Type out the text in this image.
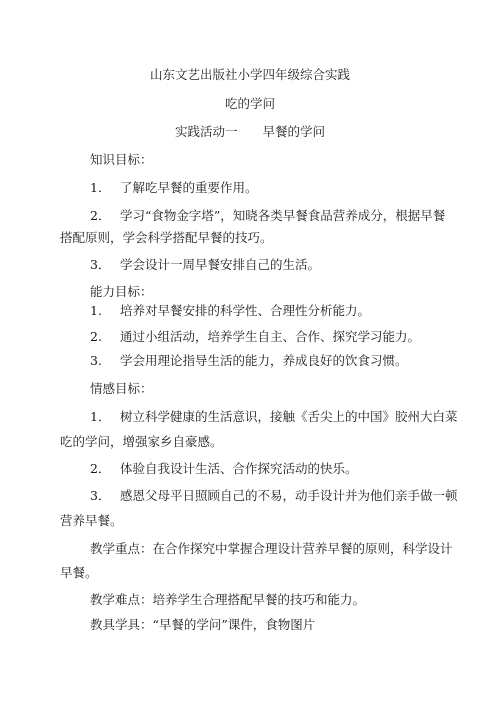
山东文艺出版社小学四年级综合实践
吃的学问
实践活动一　　早餐的学问
知识目标：
1． 了解吃早餐的重要作用。
2． 学习“食物金字塔”，知晓各类早餐食品营养成分，根据早餐
搭配原则，学会科学搭配早餐的技巧。
3． 学会设计一周早餐安排自己的生活。
能力目标：
1. 培养对早餐安排的科学性、合理性分析能力。
2. 通过小组活动，培养学生自主、合作、探究学习能力。
3. 学会用理论指导生活的能力，养成良好的饮食习惯。
情感目标：
1． 树立科学健康的生活意识，接触《舌尖上的中国》胶州大白菜
吃的学问，增强家乡自豪感。
2． 体验自我设计生活、合作探究活动的快乐。
3． 感恩父母平日照顾自己的不易，动手设计并为他们亲手做一顿
营养早餐。
教学重点：在合作探究中掌握合理设计营养早餐的原则，科学设计
早餐。
教学难点：培养学生合理搭配早餐的技巧和能力。
教具学具：“早餐的学问”课件，食物图片
